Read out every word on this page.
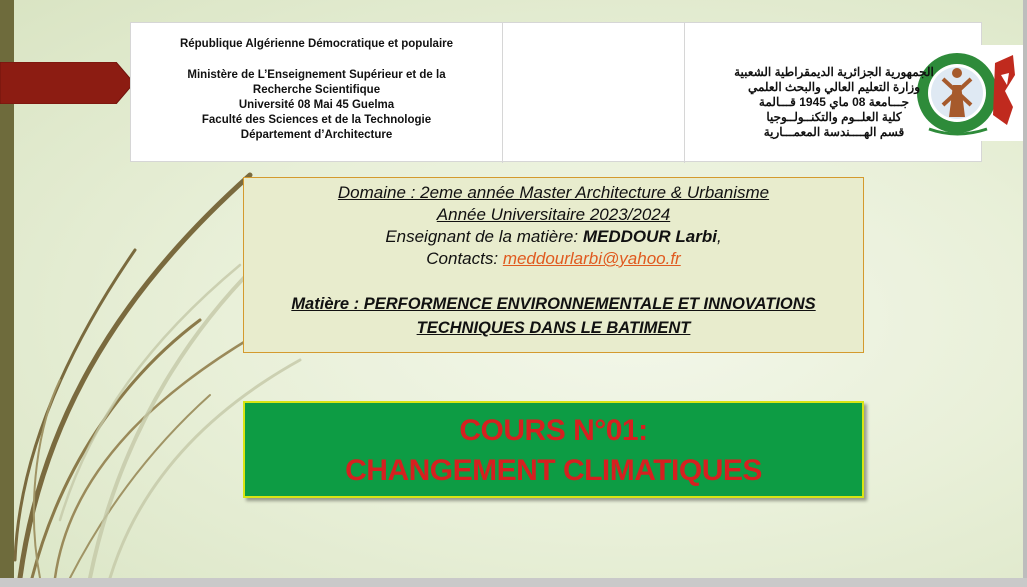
République Algérienne Démocratique et populaire

Ministère de L’Enseignement Supérieur et de la

Recherche Scientifique

Université 08 Mai 45 Guelma

Faculté des Sciences et de la Technologie

Département d’Architecture

الجمهورية الجزائرية الديمقراطية الشعبية

وزارة التعليم العالي والبحث العلمي

جـــامعة 08 ماي 1945 قـــالمة

كلية العلــوم والتكنــولــوجيا

قسم الهــــندسة المعمـــارية

Domaine : 2eme année Master Architecture & Urbanisme

Année Universitaire 2023/2024

Enseignant de la matière: MEDDOUR Larbi,

Contacts: meddourlarbi@yahoo.fr

Matière : PERFORMENCE ENVIRONNEMENTALE ET INNOVATIONS

TECHNIQUES DANS LE BATIMENT

COURS N°01:

CHANGEMENT CLIMATIQUES
